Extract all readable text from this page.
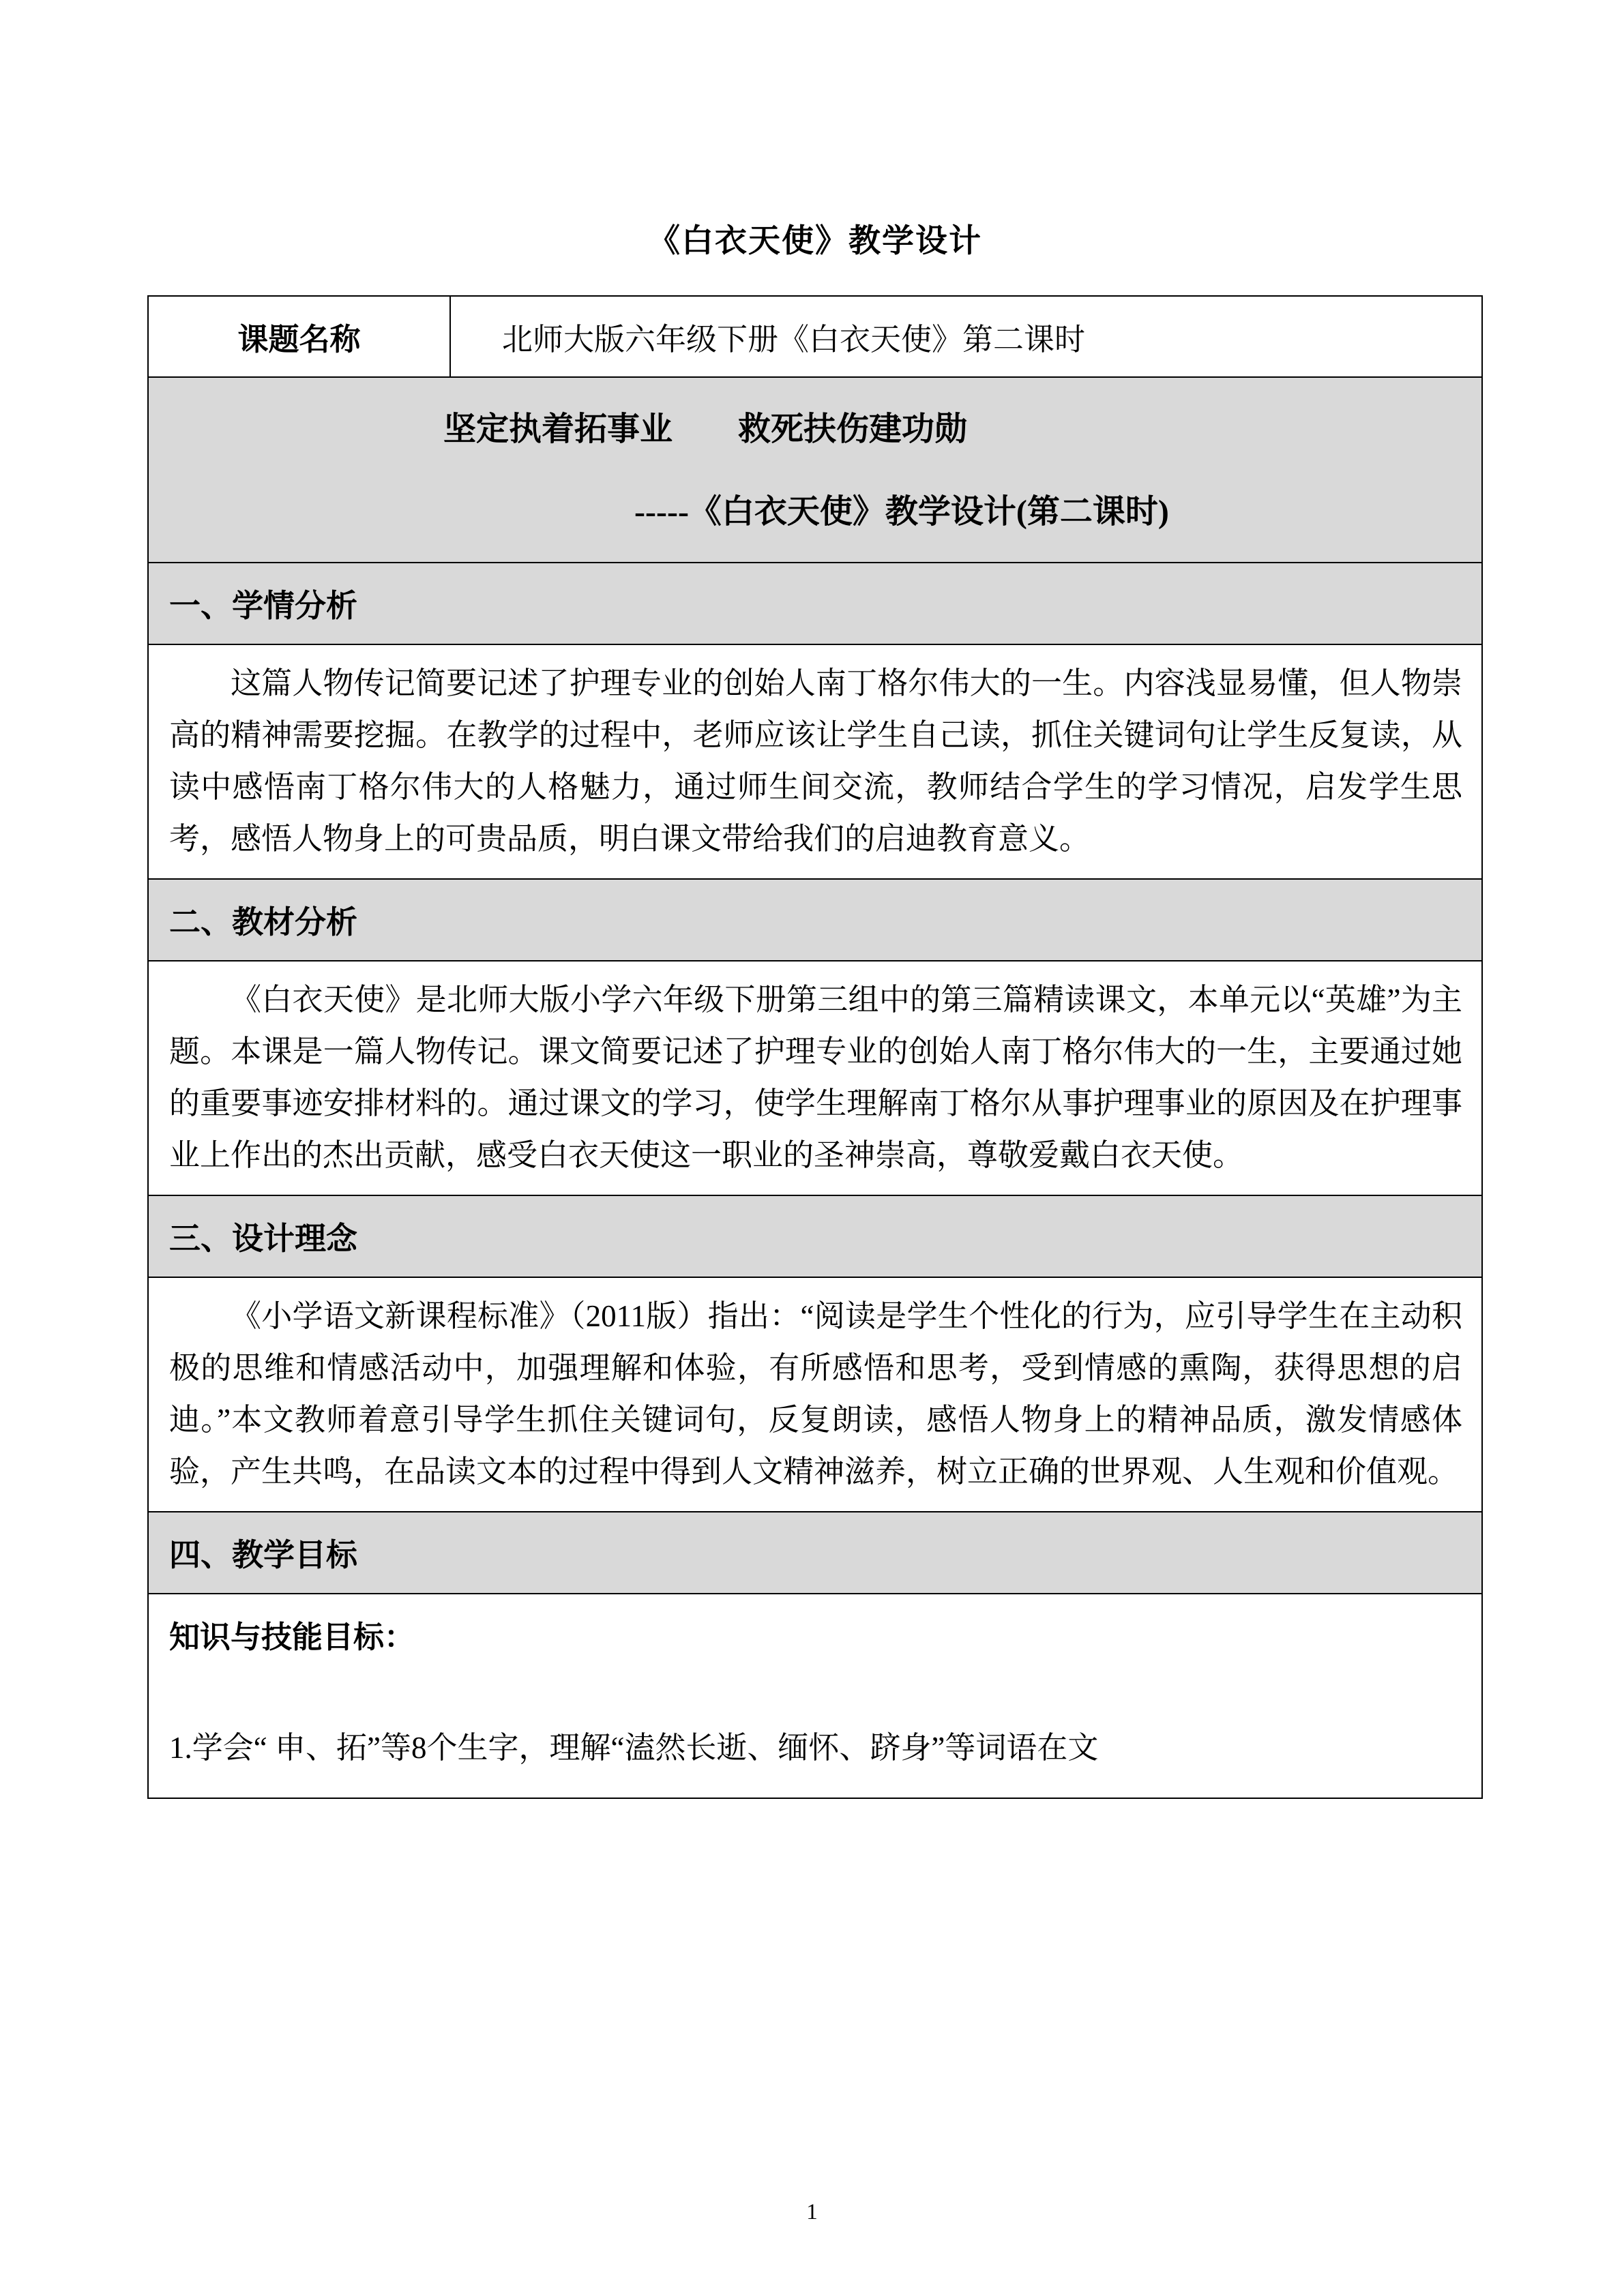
《白衣天使》教学设计
课题名称	北师大版六年级下册《白衣天使》第二课时

坚定执着拓事业　　救死扶伤建功勋
-----《白衣天使》教学设计(第二课时)

一、学情分析

这篇人物传记简要记述了护理专业的创始人南丁格尔伟大的一生。内容浅显易懂，但人物崇高的精神需要挖掘。在教学的过程中，老师应该让学生自己读，抓住关键词句让学生反复读，从读中感悟南丁格尔伟大的人格魅力，通过师生间交流，教师结合学生的学习情况，启发学生思考，感悟人物身上的可贵品质，明白课文带给我们的启迪教育意义。

二、教材分析

《白衣天使》是北师大版小学六年级下册第三组中的第三篇精读课文，本单元以“英雄”为主题。本课是一篇人物传记。课文简要记述了护理专业的创始人南丁格尔伟大的一生，主要通过她的重要事迹安排材料的。通过课文的学习，使学生理解南丁格尔从事护理事业的原因及在护理事业上作出的杰出贡献，感受白衣天使这一职业的圣神崇高，尊敬爱戴白衣天使。

三、设计理念

《小学语文新课程标准》（2011版）指出：“阅读是学生个性化的行为，应引导学生在主动积极的思维和情感活动中，加强理解和体验，有所感悟和思考，受到情感的熏陶，获得思想的启迪。”本文教师着意引导学生抓住关键词句，反复朗读，感悟人物身上的精神品质，激发情感体验，产生共鸣，在品读文本的过程中得到人文精神滋养，树立正确的世界观、人生观和价值观。

四、教学目标

知识与技能目标：

1.学会“ 申、拓”等8个生字，理解“溘然长逝、缅怀、跻身”等词语在文

1
